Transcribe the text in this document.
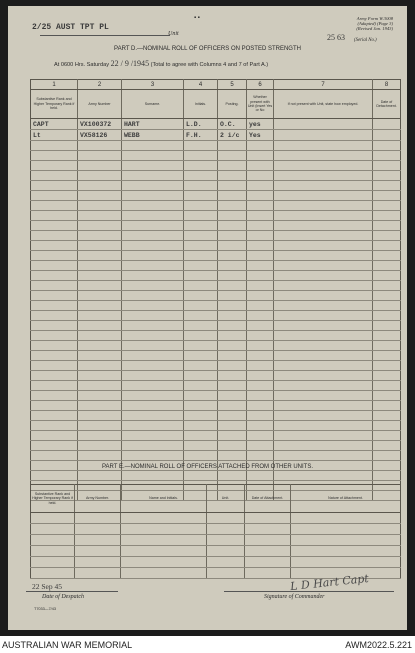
2/25 AUST TPT PL
Unit
▪ ▪	Army Form W.3008
(Adapted) (Page 3)
(Revised Jan. 1943)
25 63 (Serial No.)
PART D.—NOMINAL ROLL OF OFFICERS ON POSTED STRENGTH
At 0600 Hrs. Saturday 22 / 9 /1945 (Total to agree with Columns 4 and 7 of Part A.)
1	2	3	4	5	6	7	8
Substantive Rank and Higher Temporary Rank if held.	Army Number	Surname.	Initials.	Posting.	Whether present with Unit (Insert Yes or No	If not present with Unit, state how employed.	Date of Detachment.
CAPT	VX100372	HART	L.D.	O.C.	yes		
Lt	VX58126	WEBB	F.H.	2 i/c	Yes		

PART E.—NOMINAL ROLL OF OFFICERS ATTACHED FROM OTHER UNITS.
Substantive Rank and Higher Temporary Rank if held.	Army Number.	Name and Initials.	Unit.	Date of Attachment.	Nature of Attachment.

22 Sep 45
Date of Despatch
L D Hart Capt
Signature of Commander
T7033—7/43
AUSTRALIAN WAR MEMORIAL	AWM2022.5.221
